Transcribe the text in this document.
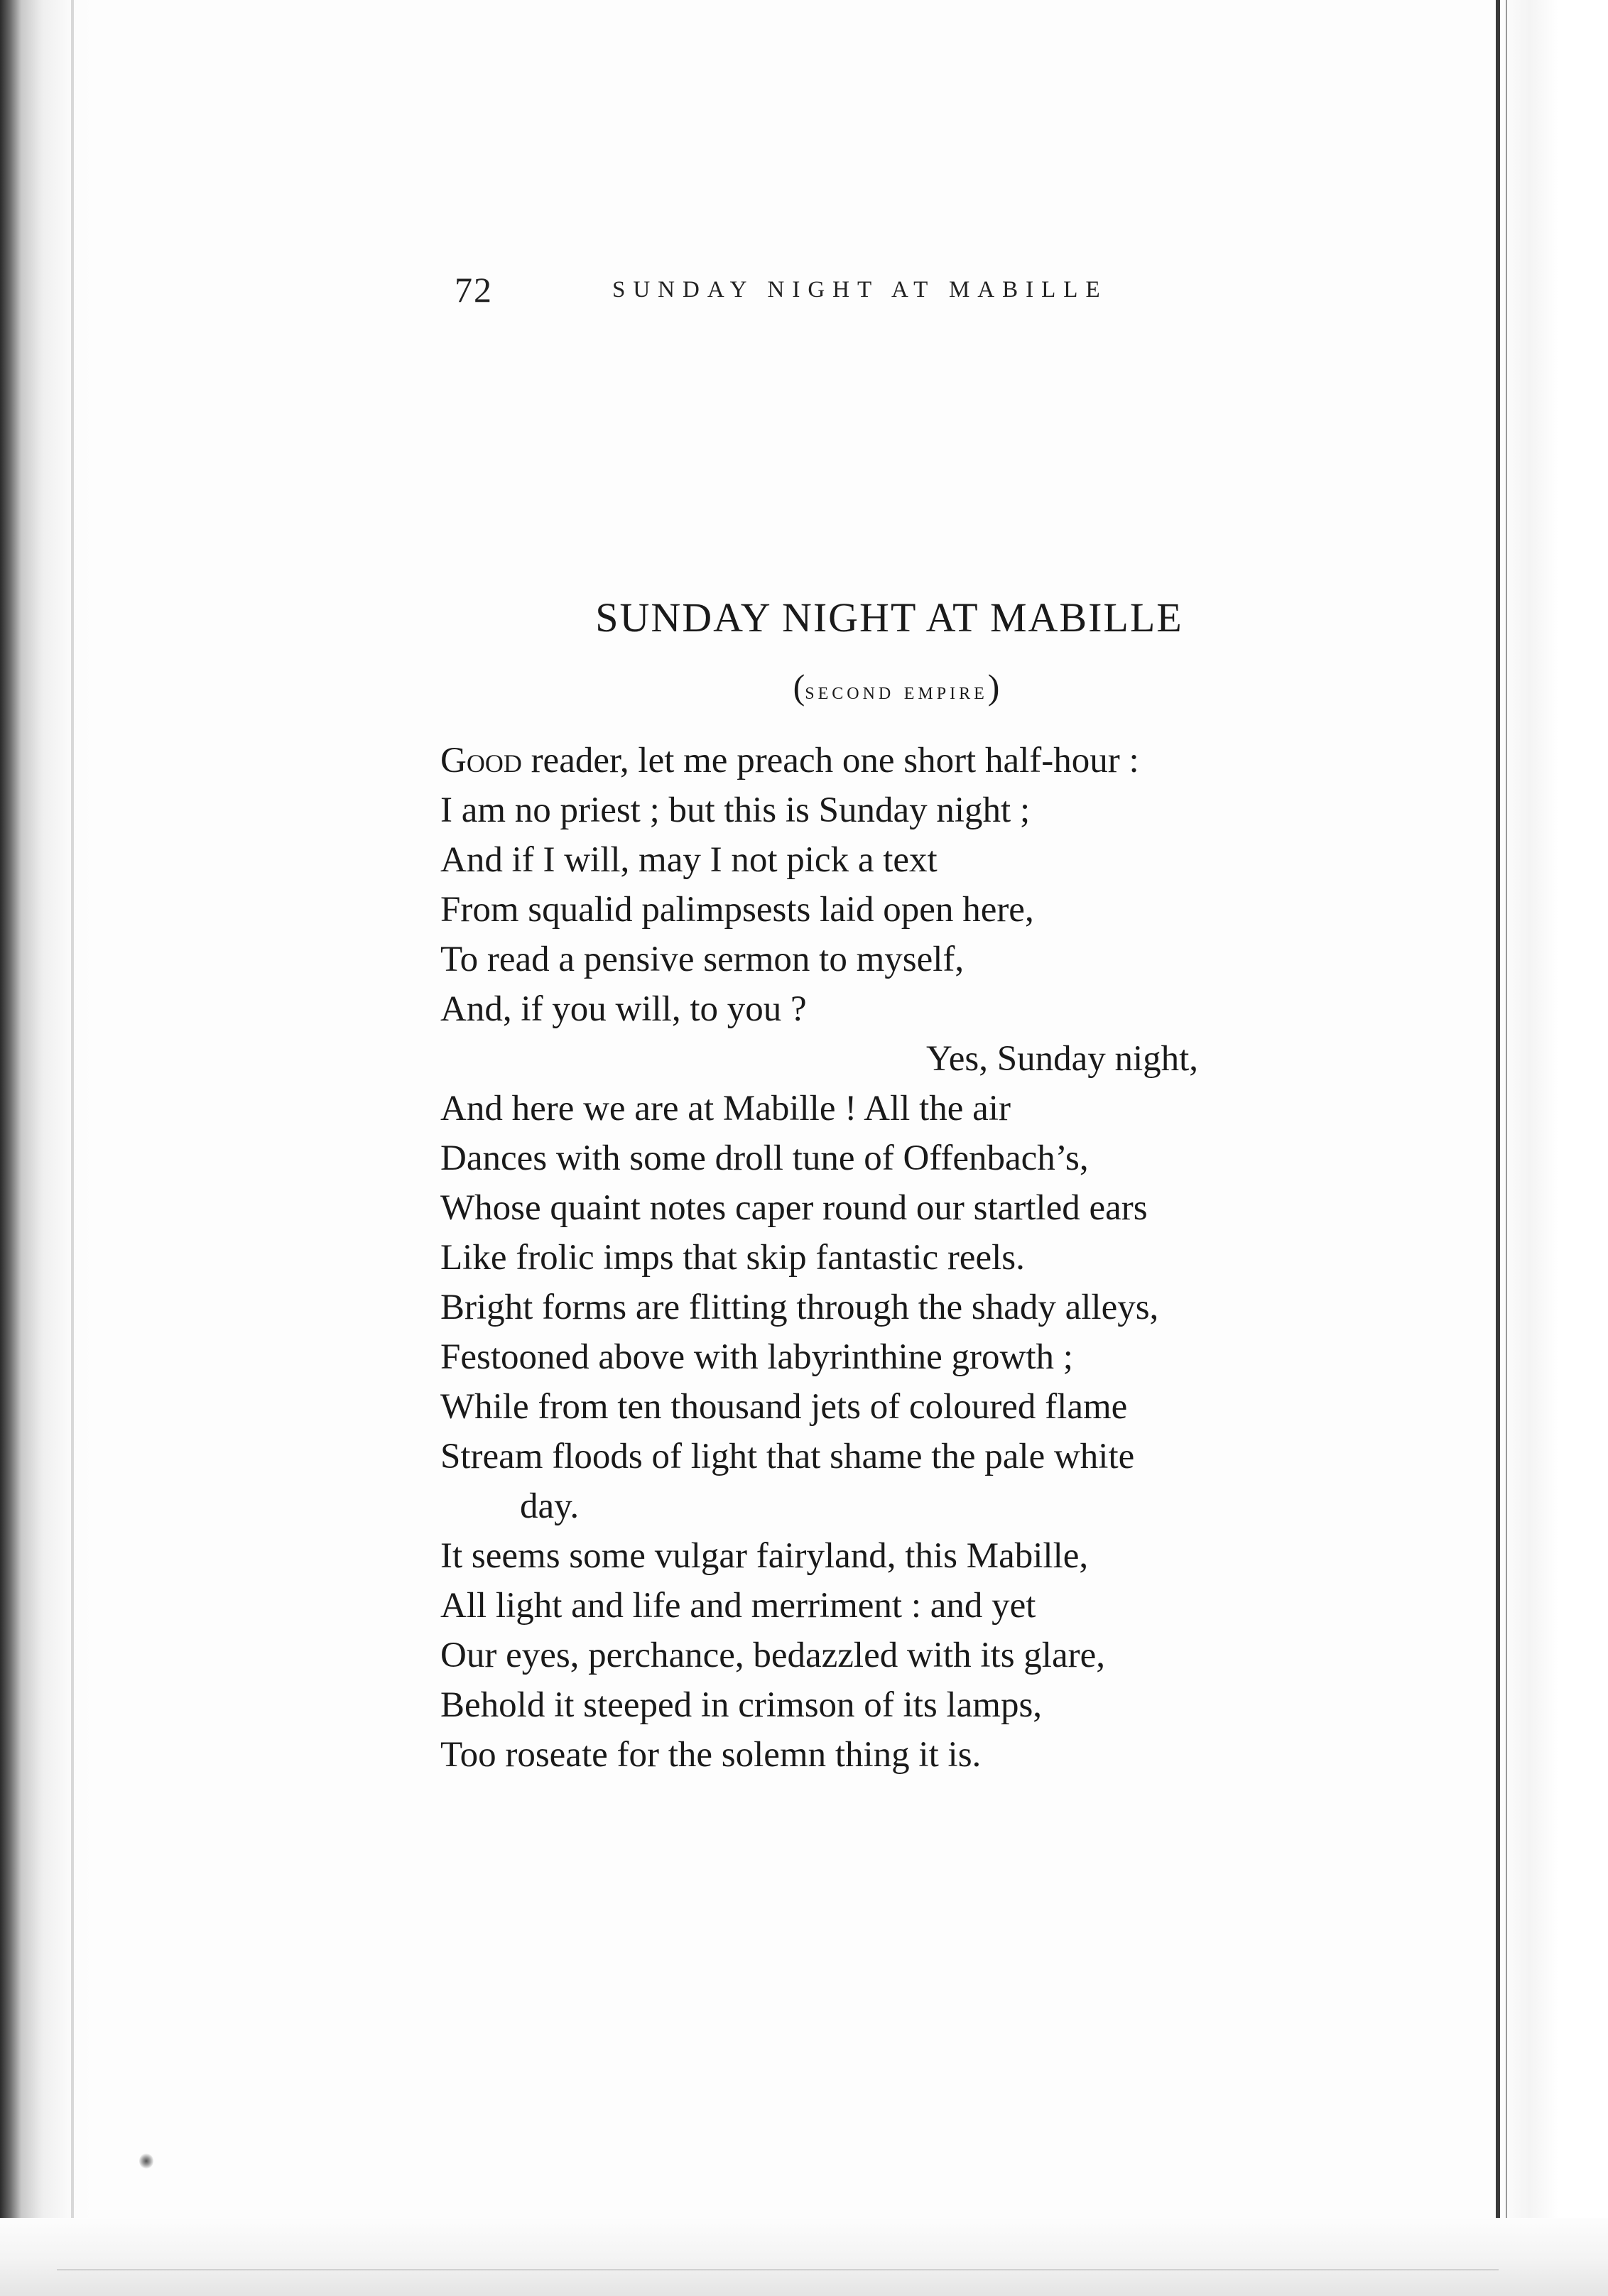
72	SUNDAY NIGHT AT MABILLE
SUNDAY NIGHT AT MABILLE
(second empire)
Good reader, let me preach one short half-hour :
I am no priest ; but this is Sunday night ;
And if I will, may I not pick a text
From squalid palimpsests laid open here,
To read a pensive sermon to myself,
And, if you will, to you ?
Yes, Sunday night,
And here we are at Mabille ! All the air
Dances with some droll tune of Offenbach’s,
Whose quaint notes caper round our startled ears
Like frolic imps that skip fantastic reels.
Bright forms are flitting through the shady alleys,
Festooned above with labyrinthine growth ;
While from ten thousand jets of coloured flame
Stream floods of light that shame the pale white
day.
It seems some vulgar fairyland, this Mabille,
All light and life and merriment : and yet
Our eyes, perchance, bedazzled with its glare,
Behold it steeped in crimson of its lamps,
Too roseate for the solemn thing it is.
